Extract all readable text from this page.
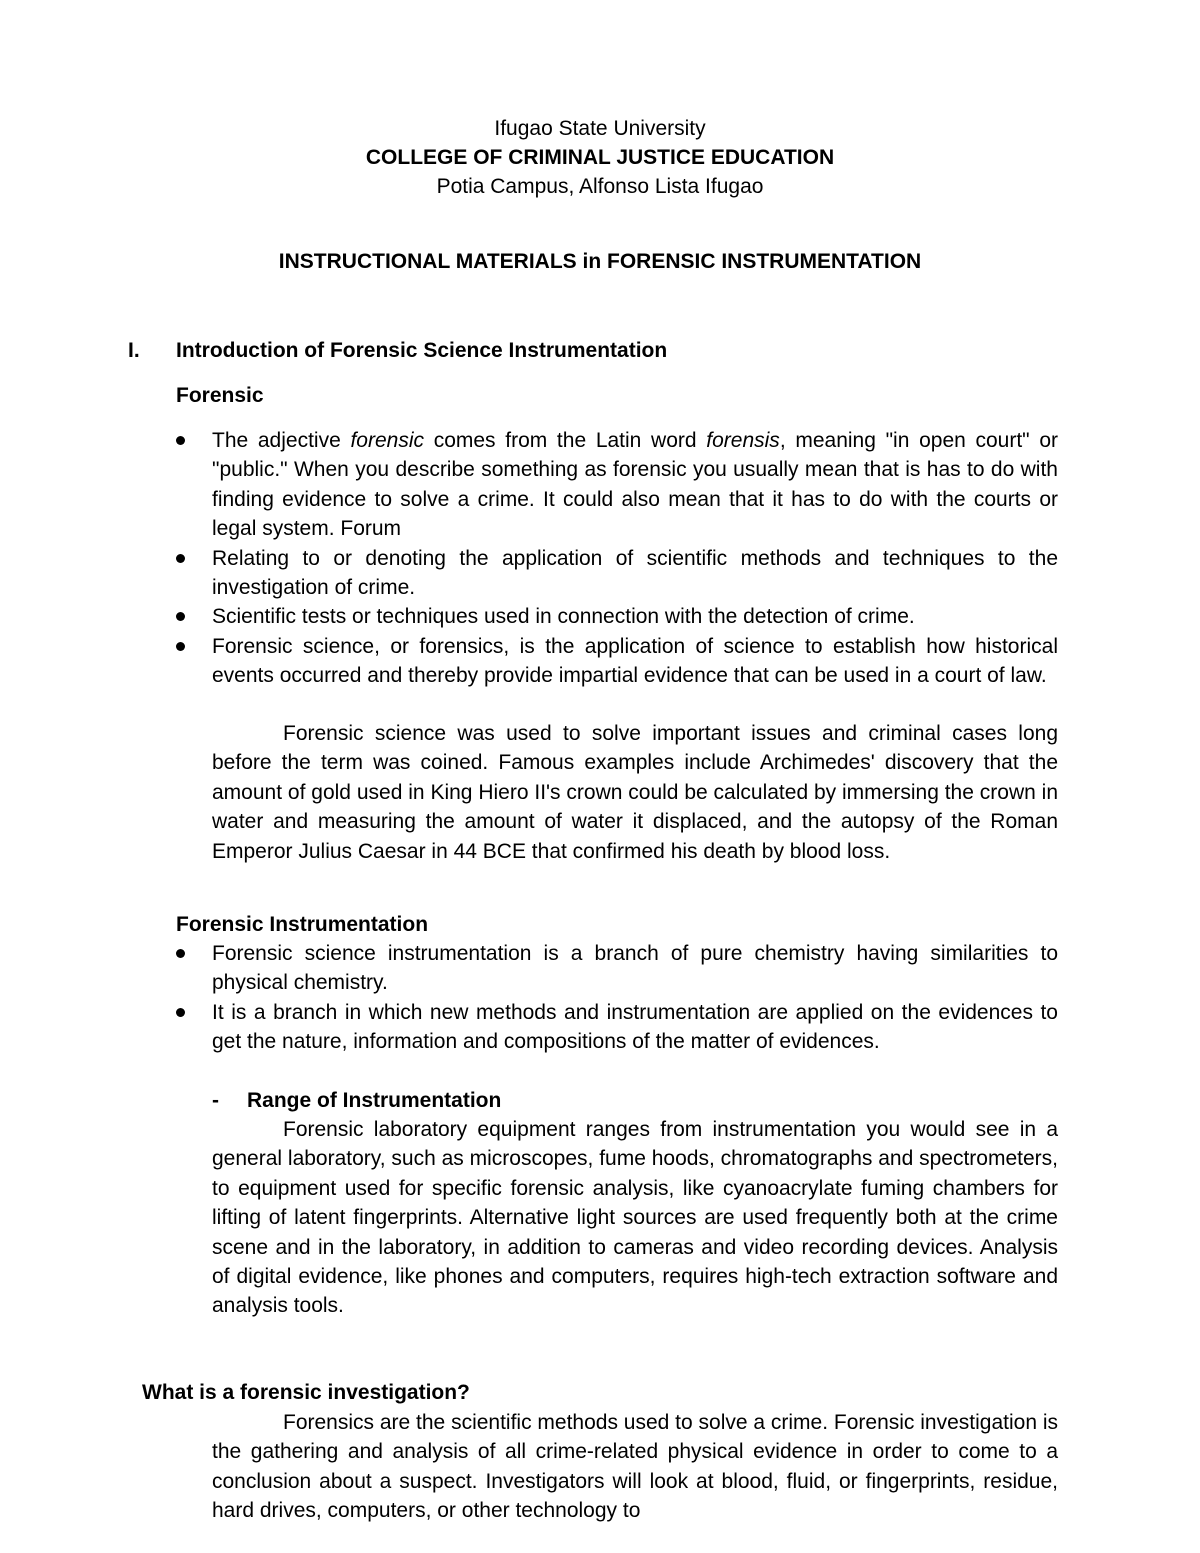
Ifugao State University
COLLEGE OF CRIMINAL JUSTICE EDUCATION
Potia Campus, Alfonso Lista Ifugao
INSTRUCTIONAL MATERIALS in FORENSIC INSTRUMENTATION
I. Introduction of Forensic Science Instrumentation
Forensic
The adjective forensic comes from the Latin word forensis, meaning "in open court" or "public." When you describe something as forensic you usually mean that is has to do with finding evidence to solve a crime. It could also mean that it has to do with the courts or legal system. Forum
Relating to or denoting the application of scientific methods and techniques to the investigation of crime.
Scientific tests or techniques used in connection with the detection of crime.
Forensic science, or forensics, is the application of science to establish how historical events occurred and thereby provide impartial evidence that can be used in a court of law.

Forensic science was used to solve important issues and criminal cases long before the term was coined. Famous examples include Archimedes' discovery that the amount of gold used in King Hiero II's crown could be calculated by immersing the crown in water and measuring the amount of water it displaced, and the autopsy of the Roman Emperor Julius Caesar in 44 BCE that confirmed his death by blood loss.

Forensic Instrumentation
Forensic science instrumentation is a branch of pure chemistry having similarities to physical chemistry.
It is a branch in which new methods and instrumentation are applied on the evidences to get the nature, information and compositions of the matter of evidences.
- Range of Instrumentation

Forensic laboratory equipment ranges from instrumentation you would see in a general laboratory, such as microscopes, fume hoods, chromatographs and spectrometers, to equipment used for specific forensic analysis, like cyanoacrylate fuming chambers for lifting of latent fingerprints. Alternative light sources are used frequently both at the crime scene and in the laboratory, in addition to cameras and video recording devices. Analysis of digital evidence, like phones and computers, requires high-tech extraction software and analysis tools.

What is a forensic investigation?

Forensics are the scientific methods used to solve a crime. Forensic investigation is the gathering and analysis of all crime-related physical evidence in order to come to a conclusion about a suspect. Investigators will look at blood, fluid, or fingerprints, residue, hard drives, computers, or other technology to
